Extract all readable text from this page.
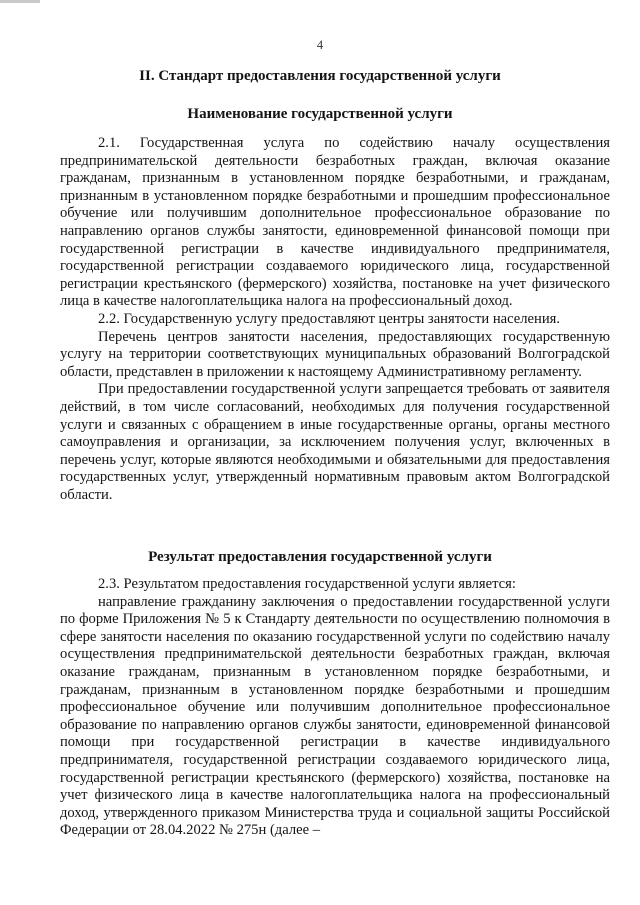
4
II. Стандарт предоставления государственной услуги
Наименование государственной услуги

2.1. Государственная услуга по содействию началу осуществления предпринимательской деятельности безработных граждан, включая оказание гражданам, признанным в установленном порядке безработными, и гражданам, признанным в установленном порядке безработными и прошедшим профессиональное обучение или получившим дополнительное профессиональное образование по направлению органов службы занятости, единовременной финансовой помощи при государственной регистрации в качестве индивидуального предпринимателя, государственной регистрации создаваемого юридического лица, государственной регистрации крестьянского (фермерского) хозяйства, постановке на учет физического лица в качестве налогоплательщика налога на профессиональный доход.

2.2. Государственную услугу предоставляют центры занятости населения.

Перечень центров занятости населения, предоставляющих государственную услугу на территории соответствующих муниципальных образований Волгоградской области, представлен в приложении к настоящему Административному регламенту.

При предоставлении государственной услуги запрещается требовать от заявителя действий, в том числе согласований, необходимых для получения государственной услуги и связанных с обращением в иные государственные органы, органы местного самоуправления и организации, за исключением получения услуг, включенных в перечень услуг, которые являются необходимыми и обязательными для предоставления государственных услуг, утвержденный нормативным правовым актом Волгоградской области.

Результат предоставления государственной услуги

2.3. Результатом предоставления государственной услуги является:

направление гражданину заключения о предоставлении государственной услуги по форме Приложения № 5 к Стандарту деятельности по осуществлению полномочия в сфере занятости населения по оказанию государственной услуги по содействию началу осуществления предпринимательской деятельности безработных граждан, включая оказание гражданам, признанным в установленном порядке безработными, и гражданам, признанным в установленном порядке безработными и прошедшим профессиональное обучение или получившим дополнительное профессиональное образование по направлению органов службы занятости, единовременной финансовой помощи при государственной регистрации в качестве индивидуального предпринимателя, государственной регистрации создаваемого юридического лица, государственной регистрации крестьянского (фермерского) хозяйства, постановке на учет физического лица в качестве налогоплательщика налога на профессиональный доход, утвержденного приказом Министерства труда и социальной защиты Российской Федерации от 28.04.2022 № 275н (далее –
